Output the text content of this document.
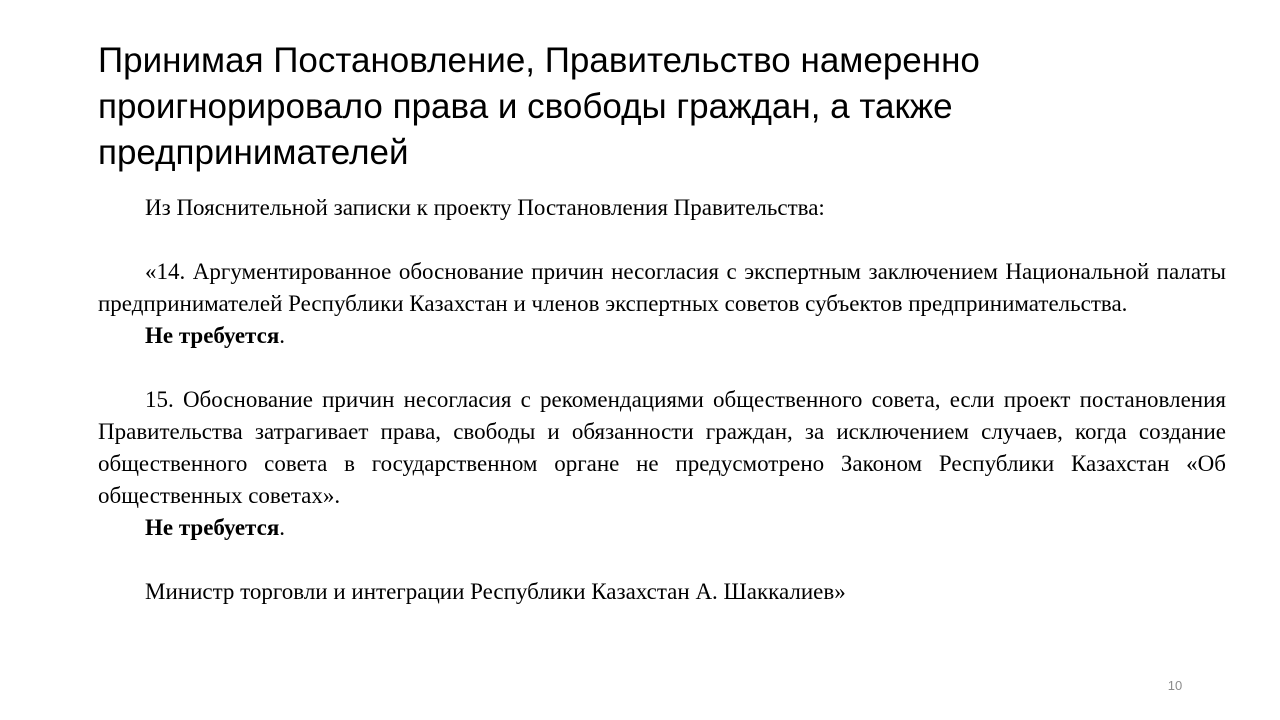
Принимая Постановление, Правительство намеренно проигнорировало права и свободы граждан, а также предпринимателей

Из Пояснительной записки к проекту Постановления Правительства:

«14. Аргументированное обоснование причин несогласия с экспертным заключением Национальной палаты предпринимателей Республики Казахстан и членов экспертных советов субъектов предпринимательства.

Не требуется.

15. Обоснование причин несогласия с рекомендациями общественного совета, если проект постановления Правительства затрагивает права, свободы и обязанности граждан, за исключением случаев, когда создание общественного совета в государственном органе не предусмотрено Законом Республики Казахстан «Об общественных советах».

Не требуется.

Министр торговли и интеграции Республики Казахстан А. Шаккалиев»

10
